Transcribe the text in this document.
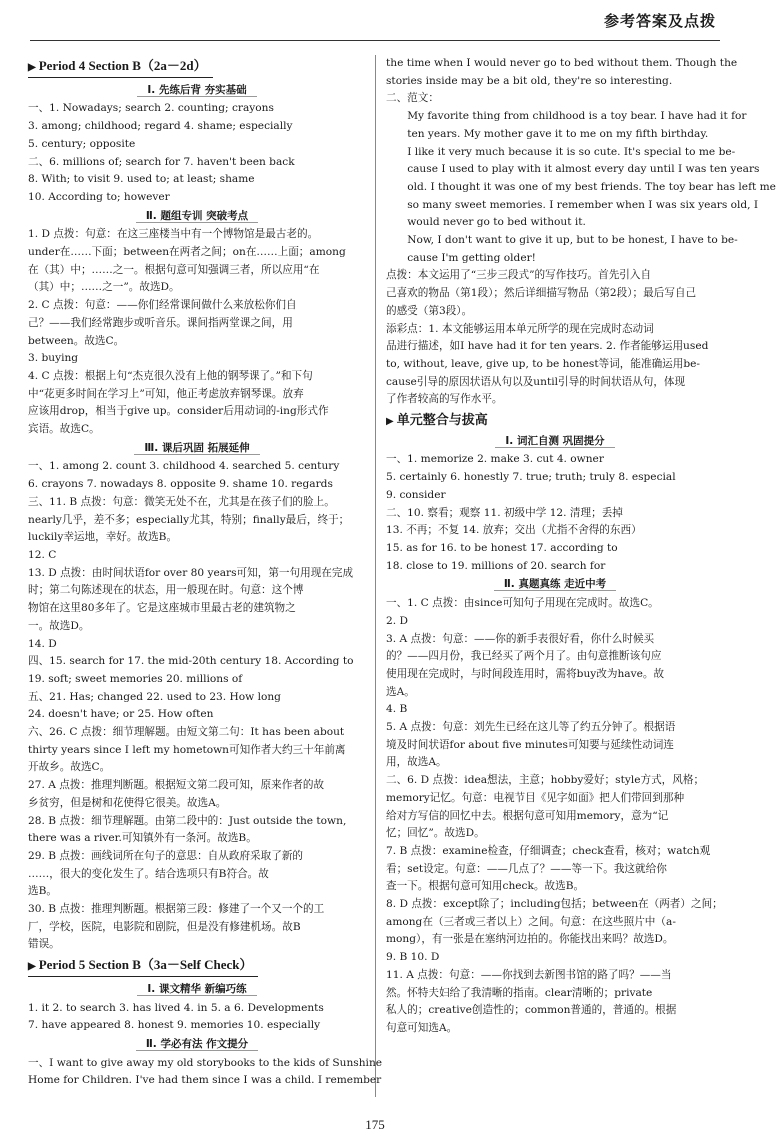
参考答案及点拨
▶ Period 4 Section B（2a－2d）
Ⅰ. 先练后背 夯实基础
一、1. Nowadays; search 2. counting; crayons
3. among; childhood; regard 4. shame; especially
5. century; opposite
二、6. millions of; search for 7. haven't been back
8. With; to visit 9. used to; at least; shame
10. According to; however
Ⅱ. 题组专训 突破考点
1. D 点拨：句意：在这三座楼当中有一个博物馆是最古老的。
under在……下面；between在两者之间；on在……上面；among
在（其）中；……之一。根据句意可知强调三者，所以应用“在
（其）中；……之一”。故选D。
2. C 点拨：句意：——你们经常课间做什么来放松你们自
己？——我们经常跑步或听音乐。课间指两堂课之间，用
between。故选C。
3. buying
4. C 点拨：根据上句“杰克很久没有上他的钢琴课了。”和下句
中“花更多时间在学习上”可知，他正考虑放弃钢琴课。放弃
应该用drop，相当于give up。consider后用动词的-ing形式作
宾语。故选C。
Ⅲ. 课后巩固 拓展延伸
一、1. among 2. count 3. childhood 4. searched 5. century
6. crayons 7. nowadays 8. opposite 9. shame 10. regards
三、11. B 点拨：句意：微笑无处不在，尤其是在孩子们的脸上。
nearly几乎，差不多；especially尤其，特别；finally最后，终于；
luckily幸运地，幸好。故选B。
12. C
13. D 点拨：由时间状语for over 80 years可知，第一句用现在完成
时；第二句陈述现在的状态，用一般现在时。句意：这个博
物馆在这里80多年了。它是这座城市里最古老的建筑物之
一。故选D。
14. D
四、15. search for 17. the mid-20th century 18. According to
19. soft; sweet memories 20. millions of
五、21. Has; changed 22. used to 23. How long
24. doesn't have; or 25. How often
六、26. C 点拨：细节理解题。由短文第二句：It has been about
thirty years since I left my hometown可知作者大约三十年前离
开故乡。故选C。
27. A 点拨：推理判断题。根据短文第二段可知，原来作者的故
乡贫穷，但是树和花使得它很美。故选A。
28. B 点拨：细节理解题。由第二段中的：Just outside the town,
there was a river.可知镇外有一条河。故选B。
29. B 点拨：画线词所在句子的意思：自从政府采取了新的
……，很大的变化发生了。结合选项只有B符合。故
选B。
30. B 点拨：推理判断题。根据第三段：修建了一个又一个的工
厂，学校，医院，电影院和剧院，但是没有修建机场。故B
错误。
▶ Period 5 Section B（3a－Self Check）
Ⅰ. 课文精华 新编巧练
1. it 2. to search 3. has lived 4. in 5. a 6. Developments
7. have appeared 8. honest 9. memories 10. especially
Ⅱ. 学必有法 作文提分
一、I want to give away my old storybooks to the kids of Sunshine
Home for Children. I've had them since I was a child. I remember
the time when I would never go to bed without them. Though the
stories inside may be a bit old, they're so interesting.
二、范文：
My favorite thing from childhood is a toy bear. I have had it for
ten years. My mother gave it to me on my fifth birthday.
I like it very much because it is so cute. It's special to me be-
cause I used to play with it almost every day until I was ten years
old. I thought it was one of my best friends. The toy bear has left me
so many sweet memories. I remember when I was six years old, I
would never go to bed without it.
Now, I don't want to give it up, but to be honest, I have to be-
cause I'm getting older!
点拨：本文运用了“三步三段式”的写作技巧。首先引入自
己喜欢的物品（第1段）；然后详细描写物品（第2段）；最后写自己
的感受（第3段）。
添彩点：1. 本文能够运用本单元所学的现在完成时态动词
品进行描述，如I have had it for ten years. 2. 作者能够运用used
to, without, leave, give up, to be honest等词，能准确运用be-
cause引导的原因状语从句以及until引导的时间状语从句，体现
了作者较高的写作水平。
▶ 单元整合与拔高
Ⅰ. 词汇自测 巩固提分
一、1. memorize 2. make 3. cut 4. owner
5. certainly 6. honestly 7. true; truth; truly 8. especial
9. consider
二、10. 察看；观察 11. 初级中学 12. 清理；丢掉
13. 不再；不复 14. 放弃；交出（尤指不舍得的东西）
15. as for 16. to be honest 17. according to
18. close to 19. millions of 20. search for
Ⅱ. 真题真练 走近中考
一、1. C 点拨：由since可知句子用现在完成时。故选C。
2. D
3. A 点拨：句意：——你的新手表很好看，你什么时候买
的？——四月份，我已经买了两个月了。由句意推断该句应
使用现在完成时，与时间段连用时，需将buy改为have。故
选A。
4. B
5. A 点拨：句意：刘先生已经在这儿等了约五分钟了。根据语
境及时间状语for about five minutes可知要与延续性动词连
用，故选A。
二、6. D 点拨：idea想法，主意；hobby爱好；style方式，风格；
memory记忆。句意：电视节目《见字如面》把人们带回到那种
给对方写信的回忆中去。根据句意可知用memory，意为“记
忆；回忆”。故选D。
7. B 点拨：examine检查，仔细调查；check查看，核对；watch观
看；set设定。句意：——几点了？——等一下。我这就给你
查一下。根据句意可知用check。故选B。
8. D 点拨：except除了；including包括；between在（两者）之间；
among在（三者或三者以上）之间。句意：在这些照片中（a-
mong），有一张是在塞纳河边拍的。你能找出来吗？故选D。
9. B 10. D
11. A 点拨：句意：——你找到去新图书馆的路了吗？——当
然。怀特夫妇给了我清晰的指南。clear清晰的；private
私人的；creative创造性的；common普通的，普通的。根据
句意可知选A。
175
